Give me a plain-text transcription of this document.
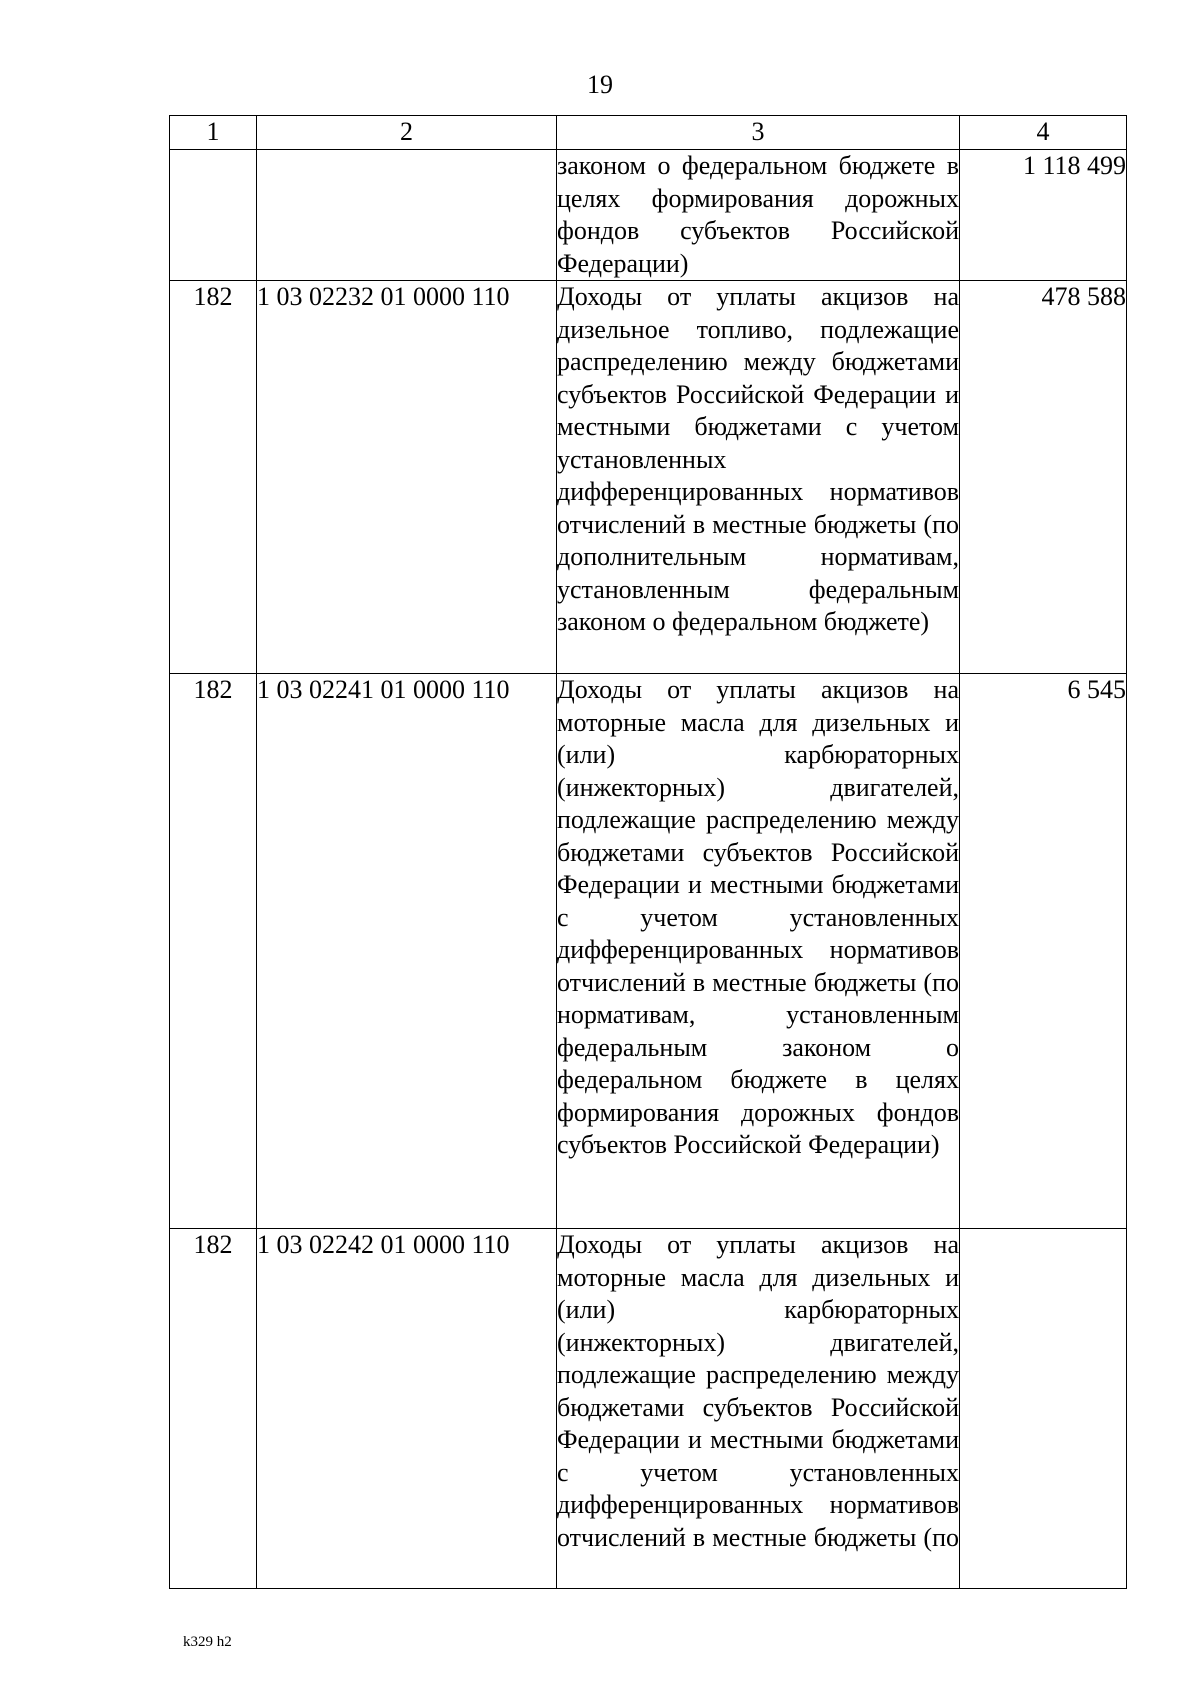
19
1	2	3	4

		законом о федеральном бюджете в целях формирования дорожных фондов субъектов Российской Федерации)	1 118 499
182	1 03 02232 01 0000 110	Доходы от уплаты акцизов на дизельное топливо, подлежащие распределению между бюджетами субъектов Российской Федерации и местными бюджетами с учетом установленных дифференцированных нормативов отчислений в местные бюджеты (по дополнительным нормативам, установленным федеральным законом о федеральном бюджете)	478 588
182	1 03 02241 01 0000 110	Доходы от уплаты акцизов на моторные масла для дизельных и (или) карбюраторных (инжекторных) двигателей, подлежащие распределению между бюджетами субъектов Российской Федерации и местными бюджетами с учетом установленных дифференцированных нормативов отчислений в местные бюджеты (по нормативам, установленным федеральным законом о федеральном бюджете в целях формирования дорожных фондов субъектов Российской Федерации)	6 545
182	1 03 02242 01 0000 110	Доходы от уплаты акцизов на моторные масла для дизельных и (или) карбюраторных (инжекторных) двигателей, подлежащие распределению между бюджетами субъектов Российской Федерации и местными бюджетами с учетом установленных дифференцированных нормативов отчислений в местные бюджеты (по	

k329 h2
